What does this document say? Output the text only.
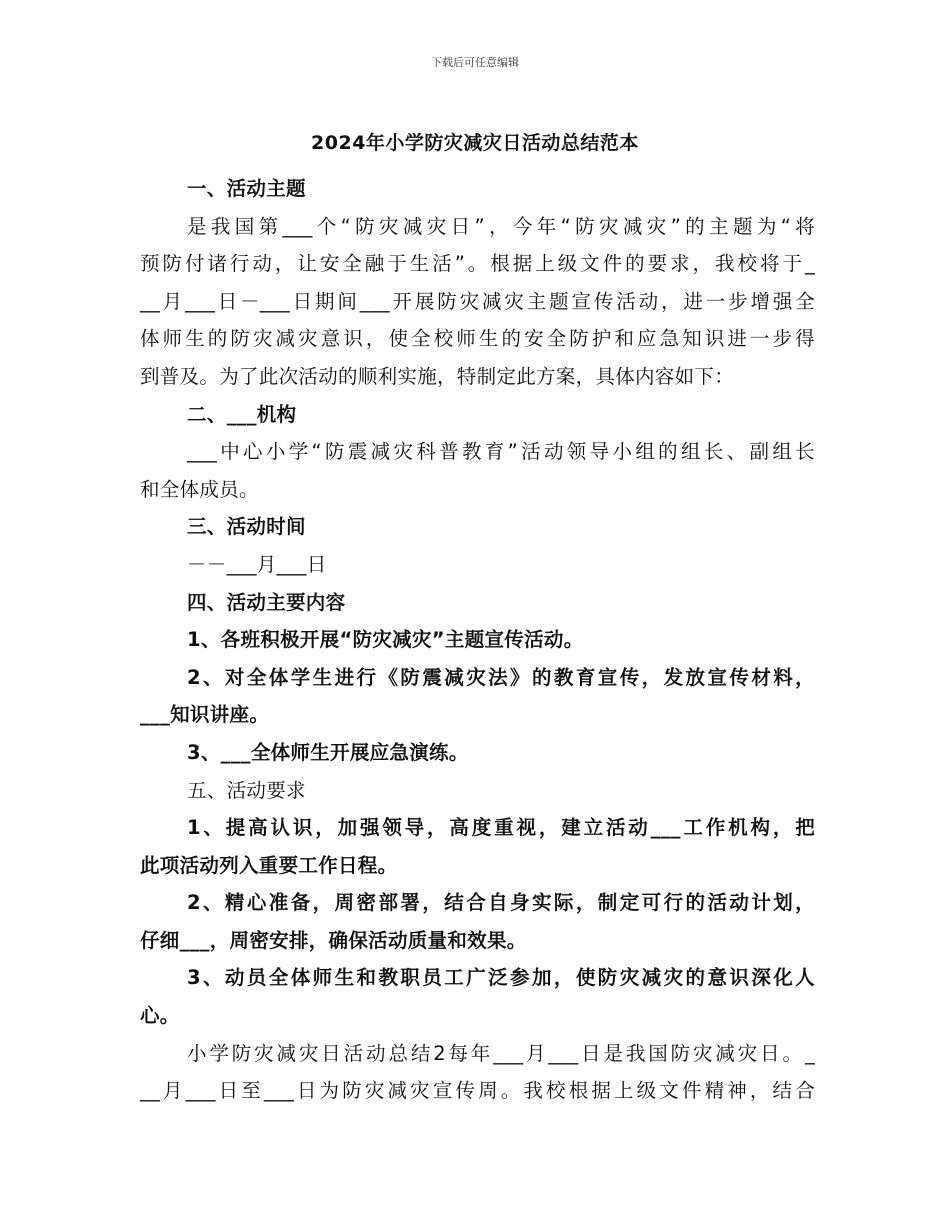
下载后可任意编辑
2024年小学防灾减灾日活动总结范本
一、活动主题
是我国第___个“防灾减灾日”，今年“防灾减灾”的主题为“将
预防付诸行动，让安全融于生活”。根据上级文件的要求，我校将于_
__月___日－___日期间___开展防灾减灾主题宣传活动，进一步增强全
体师生的防灾减灾意识，使全校师生的安全防护和应急知识进一步得
到普及。为了此次活动的顺利实施，特制定此方案，具体内容如下：
二、___机构
___中心小学“防震减灾科普教育”活动领导小组的组长、副组长
和全体成员。
三、活动时间
－－___月___日
四、活动主要内容
1、各班积极开展“防灾减灾”主题宣传活动。
2、对全体学生进行《防震减灾法》的教育宣传，发放宣传材料，
___知识讲座。
3、___全体师生开展应急演练。
五、活动要求
1、提高认识，加强领导，高度重视，建立活动___工作机构，把
此项活动列入重要工作日程。
2、精心准备，周密部署，结合自身实际，制定可行的活动计划，
仔细___，周密安排，确保活动质量和效果。
3、动员全体师生和教职员工广泛参加，使防灾减灾的意识深化人
心。
小学防灾减灾日活动总结2每年___月___日是我国防灾减灾日。_
__月___日至___日为防灾减灾宣传周。我校根据上级文件精神，结合
